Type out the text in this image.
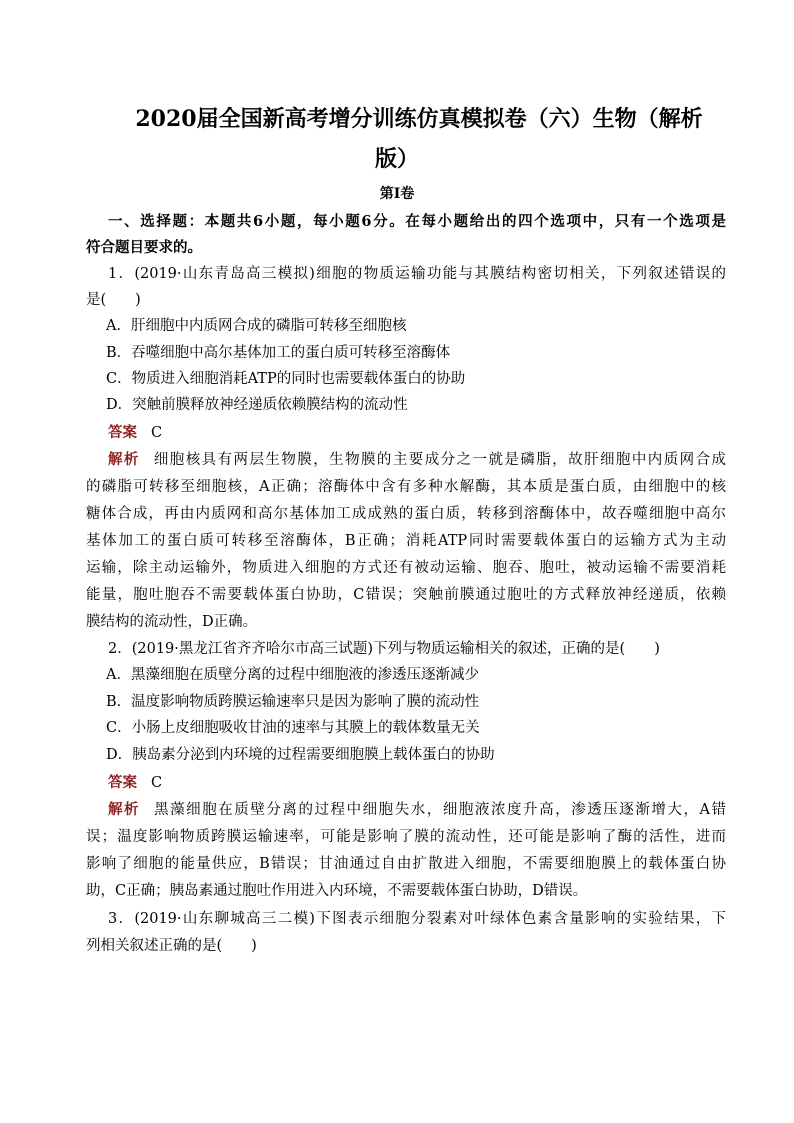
2020届全国新高考增分训练仿真模拟卷（六）生物（解析
版）
第Ⅰ卷
一、选择题：本题共6小题，每小题6分。在每小题给出的四个选项中，只有一个选项是
符合题目要求的。
1．(2019·山东青岛高三模拟)细胞的物质运输功能与其膜结构密切相关，下列叙述错误的
是(　　)
A．肝细胞中内质网合成的磷脂可转移至细胞核
B．吞噬细胞中高尔基体加工的蛋白质可转移至溶酶体
C．物质进入细胞消耗ATP的同时也需要载体蛋白的协助
D．突触前膜释放神经递质依赖膜结构的流动性
答案 C
解析 细胞核具有两层生物膜，生物膜的主要成分之一就是磷脂，故肝细胞中内质网合成
的磷脂可转移至细胞核，A正确；溶酶体中含有多种水解酶，其本质是蛋白质，由细胞中的核
糖体合成，再由内质网和高尔基体加工成成熟的蛋白质，转移到溶酶体中，故吞噬细胞中高尔
基体加工的蛋白质可转移至溶酶体，B正确；消耗ATP同时需要载体蛋白的运输方式为主动
运输，除主动运输外，物质进入细胞的方式还有被动运输、胞吞、胞吐，被动运输不需要消耗
能量，胞吐胞吞不需要载体蛋白协助，C错误；突触前膜通过胞吐的方式释放神经递质，依赖
膜结构的流动性，D正确。
2．(2019·黑龙江省齐齐哈尔市高三试题)下列与物质运输相关的叙述，正确的是(　　)
A．黑藻细胞在质壁分离的过程中细胞液的渗透压逐渐减少
B．温度影响物质跨膜运输速率只是因为影响了膜的流动性
C．小肠上皮细胞吸收甘油的速率与其膜上的载体数量无关
D．胰岛素分泌到内环境的过程需要细胞膜上载体蛋白的协助
答案 C
解析 黑藻细胞在质壁分离的过程中细胞失水，细胞液浓度升高，渗透压逐渐增大，A错
误；温度影响物质跨膜运输速率，可能是影响了膜的流动性，还可能是影响了酶的活性，进而
影响了细胞的能量供应，B错误；甘油通过自由扩散进入细胞，不需要细胞膜上的载体蛋白协
助，C正确；胰岛素通过胞吐作用进入内环境，不需要载体蛋白协助，D错误。
3．(2019·山东聊城高三二模)下图表示细胞分裂素对叶绿体色素含量影响的实验结果，下
列相关叙述正确的是(　　)
